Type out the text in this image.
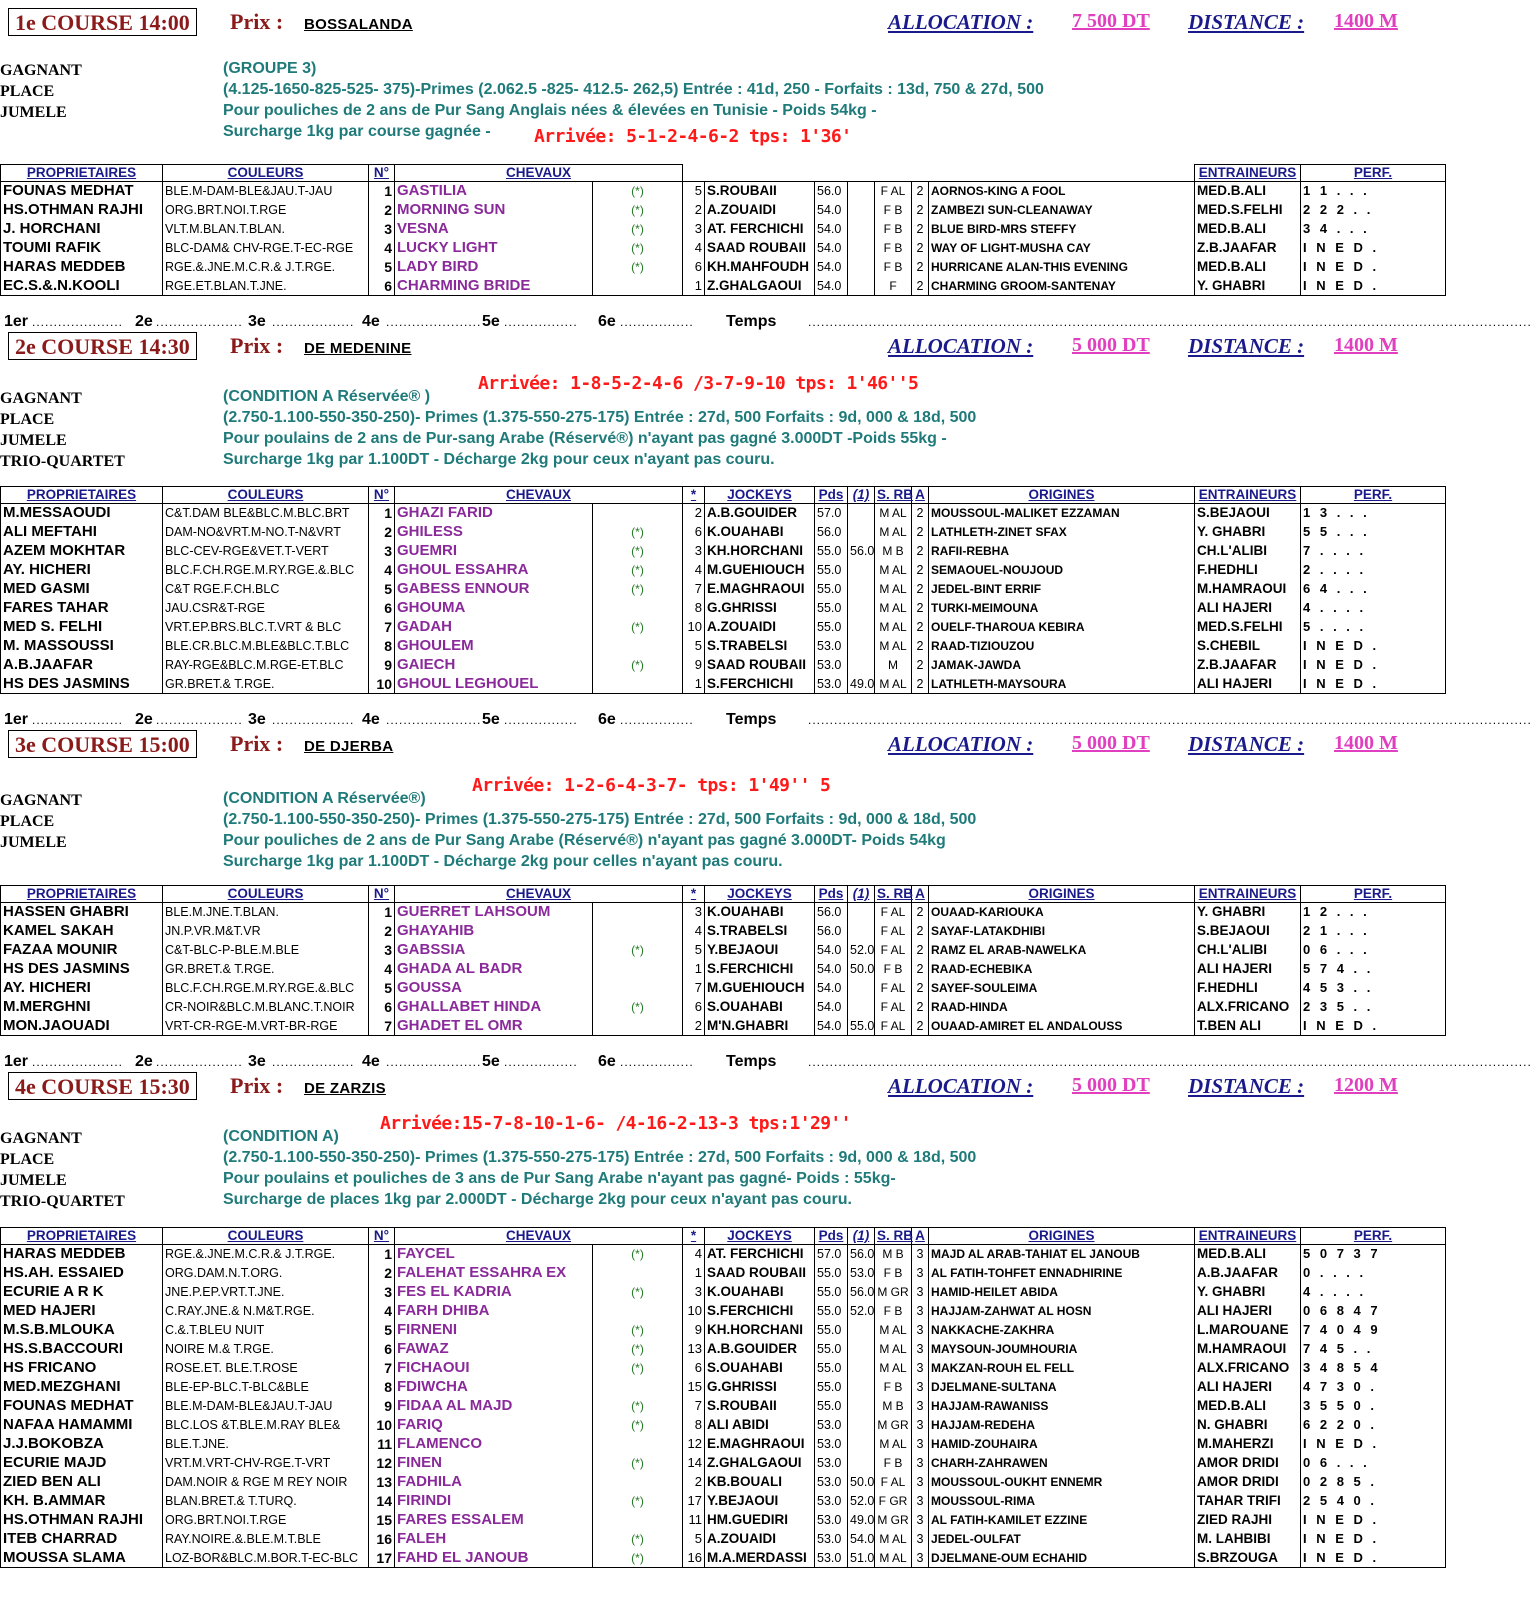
1e COURSE 14:00	Prix : BOSSALANDA	ALLOCATION : 7 500 DT DISTANCE : 1400 M
GAGNANT
PLACE
JUMELE
(GROUPE 3)
(4.125-1650-825-525- 375)-Primes (2.062.5 -825- 412.5- 262,5) Entrée : 41d, 250 - Forfaits : 13d, 750 & 27d, 500
Pour pouliches de 2 ans de Pur Sang Anglais nées & élevées en Tunisie - Poids 54kg -
Surcharge 1kg par course gagnée -	Arrivée: 5-1-2-4-6-2 tps: 1'36'
PROPRIETAIRES	COULEURS	N°	CHEVAUX									ENTRAINEURS	PERF.
FOUNAS MEDHAT	BLE.M-DAM-BLE&JAU.T-JAU	1	GASTILIA	(*)	5	S.ROUBAII	56.0		F AL	2	AORNOS-KING A FOOL	MED.B.ALI	1 1 . . .
HS.OTHMAN RAJHI	ORG.BRT.NOI.T.RGE	2	MORNING SUN	(*)	2	A.ZOUAIDI	54.0		F B	2	ZAMBEZI SUN-CLEANAWAY	MED.S.FELHI	2 2 2 . .
J. HORCHANI	VLT.M.BLAN.T.BLAN.	3	VESNA	(*)	3	AT. FERCHICHI	54.0		F B	2	BLUE BIRD-MRS STEFFY	MED.B.ALI	3 4 . . .
TOUMI RAFIK	BLC-DAM& CHV-RGE.T-EC-RGE	4	LUCKY LIGHT	(*)	4	SAAD ROUBAII	54.0		F B	2	WAY OF LIGHT-MUSHA CAY	Z.B.JAAFAR	I N E D .
HARAS MEDDEB	RGE.&.JNE.M.C.R.& J.T.RGE.	5	LADY BIRD	(*)	6	KH.MAHFOUDH	54.0		F B	2	HURRICANE ALAN-THIS EVENING	MED.B.ALI	I N E D .
EC.S.&.N.KOOLI	RGE.ET.BLAN.T.JNE.	6	CHARMING BRIDE		1	Z.GHALGAOUI	54.0		F	2	CHARMING GROOM-SANTENAY	Y. GHABRI	I N E D .
1er	2e	3e	4e	5e	6e	Temps
.....................	.................... ...................	...................... .................	.................	.......................................................................................................................................................................
2e COURSE 14:30	Prix : DE MEDENINE	ALLOCATION : 5 000 DT DISTANCE : 1400 M
GAGNANT
PLACE
JUMELE
TRIO-QUARTET
(CONDITION A Réservée® )
(2.750-1.100-550-350-250)- Primes (1.375-550-275-175) Entrée : 27d, 500 Forfaits : 9d, 000 & 18d, 500
Pour poulains de 2 ans de Pur-sang Arabe (Réservé®) n'ayant pas gagné 3.000DT -Poids 55kg -
Surcharge 1kg par 1.100DT - Décharge 2kg pour ceux n'ayant pas couru.
Arrivée: 1-8-5-2-4-6 /3-7-9-10 tps: 1'46''5
PROPRIETAIRES	COULEURS	N°	CHEVAUX		*	JOCKEYS	Pds	(1)	S. RB	A	ORIGINES	ENTRAINEURS	PERF.
M.MESSAOUDI	C&T.DAM BLE&BLC.M.BLC.BRT	1	GHAZI FARID		2	A.B.GOUIDER	57.0		M AL	2	MOUSSOUL-MALIKET EZZAMAN	S.BEJAOUI	1 3 . . .
ALI MEFTAHI	DAM-NO&VRT.M-NO.T-N&VRT	2	GHILESS	(*)	6	K.OUAHABI	56.0		M AL	2	LATHLETH-ZINET SFAX	Y. GHABRI	5 5 . . .
AZEM MOKHTAR	BLC-CEV-RGE&VET.T-VERT	3	GUEMRI	(*)	3	KH.HORCHANI	55.0	56.0	M B	2	RAFII-REBHA	CH.L'ALIBI	7 . . . .
AY. HICHERI	BLC.F.CH.RGE.M.RY.RGE.&.BLC	4	GHOUL ESSAHRA	(*)	4	M.GUEHIOUCH	55.0		M AL	2	SEMAOUEL-NOUJOUD	F.HEDHLI	2 . . . .
MED GASMI	C&T RGE.F.CH.BLC	5	GABESS ENNOUR	(*)	7	E.MAGHRAOUI	55.0		M AL	2	JEDEL-BINT ERRIF	M.HAMRAOUI	6 4 . . .
FARES TAHAR	JAU.CSR&T-RGE	6	GHOUMA		8	G.GHRISSI	55.0		M AL	2	TURKI-MEIMOUNA	ALI HAJERI	4 . . . .
MED S. FELHI	VRT.EP.BRS.BLC.T.VRT & BLC	7	GADAH	(*)	10	A.ZOUAIDI	55.0		M AL	2	OUELF-THAROUA KEBIRA	MED.S.FELHI	5 . . . .
M. MASSOUSSI	BLE.CR.BLC.M.BLE&BLC.T.BLC	8	GHOULEM		5	S.TRABELSI	53.0		M AL	2	RAAD-TIZIOUZOU	S.CHEBIL	I N E D .
A.B.JAAFAR	RAY-RGE&BLC.M.RGE-ET.BLC	9	GAIECH	(*)	9	SAAD ROUBAII	53.0		M	2	JAMAK-JAWDA	Z.B.JAAFAR	I N E D .
HS DES JASMINS	GR.BRET.& T.RGE.	10	GHOUL LEGHOUEL		1	S.FERCHICHI	53.0	49.0	M AL	2	LATHLETH-MAYSOURA	ALI HAJERI	I N E D .
1er	2e	3e	4e	5e	6e	Temps
.....................	.................... ...................	...................... .................	.................	.......................................................................................................................................................................
3e COURSE 15:00	Prix : DE DJERBA	ALLOCATION : 5 000 DT DISTANCE : 1400 M
GAGNANT
PLACE
JUMELE
(CONDITION A Réservée®)
(2.750-1.100-550-350-250)- Primes (1.375-550-275-175) Entrée : 27d, 500 Forfaits : 9d, 000 & 18d, 500
Pour pouliches de 2 ans de Pur Sang Arabe (Réservé®) n'ayant pas gagné 3.000DT- Poids 54kg
Surcharge 1kg par 1.100DT - Décharge 2kg pour celles n'ayant pas couru.
Arrivée: 1-2-6-4-3-7- tps: 1'49'' 5
PROPRIETAIRES	COULEURS	N°	CHEVAUX		*	JOCKEYS	Pds	(1)	S. RB	A	ORIGINES	ENTRAINEURS	PERF.
HASSEN GHABRI	BLE.M.JNE.T.BLAN.	1	GUERRET LAHSOUM		3	K.OUAHABI	56.0		F AL	2	OUAAD-KARIOUKA	Y. GHABRI	1 2 . . .
KAMEL SAKAH	JN.P.VR.M&T.VR	2	GHAYAHIB		4	S.TRABELSI	56.0		F AL	2	SAYAF-LATAKDHIBI	S.BEJAOUI	2 1 . . .
FAZAA MOUNIR	C&T-BLC-P-BLE.M.BLE	3	GABSSIA	(*)	5	Y.BEJAOUI	54.0	52.0	F AL	2	RAMZ EL ARAB-NAWELKA	CH.L'ALIBI	0 6 . . .
HS DES JASMINS	GR.BRET.& T.RGE.	4	GHADA AL BADR		1	S.FERCHICHI	54.0	50.0	F B	2	RAAD-ECHEBIKA	ALI HAJERI	5 7 4 . .
AY. HICHERI	BLC.F.CH.RGE.M.RY.RGE.&.BLC	5	GOUSSA		7	M.GUEHIOUCH	54.0		F AL	2	SAYEF-SOULEIMA	F.HEDHLI	4 5 3 . .
M.MERGHNI	CR-NOIR&BLC.M.BLANC.T.NOIR	6	GHALLABET HINDA	(*)	6	S.OUAHABI	54.0		F AL	2	RAAD-HINDA	ALX.FRICANO	2 3 5 . .
MON.JAOUADI	VRT-CR-RGE-M.VRT-BR-RGE	7	GHADET EL OMR		2	M'N.GHABRI	54.0	55.0	F AL	2	OUAAD-AMIRET EL ANDALOUSS	T.BEN ALI	I N E D .
1er	2e	3e	4e	5e	6e	Temps
.....................	.................... ...................	...................... .................	.................	.......................................................................................................................................................................
4e COURSE 15:30	Prix : DE ZARZIS	ALLOCATION : 5 000 DT DISTANCE : 1200 M
GAGNANT
PLACE
JUMELE
TRIO-QUARTET
(CONDITION A)
(2.750-1.100-550-350-250)- Primes (1.375-550-275-175) Entrée : 27d, 500 Forfaits : 9d, 000 & 18d, 500
Pour poulains et pouliches de 3 ans de Pur Sang Arabe n'ayant pas gagné- Poids : 55kg-
Surcharge de places 1kg par 2.000DT - Décharge 2kg pour ceux n'ayant pas couru.
Arrivée:15-7-8-10-1-6- /4-16-2-13-3 tps:1'29''
PROPRIETAIRES	COULEURS	N°	CHEVAUX		*	JOCKEYS	Pds	(1)	S. RB	A	ORIGINES	ENTRAINEURS	PERF.
HARAS MEDDEB	RGE.&.JNE.M.C.R.& J.T.RGE.	1	FAYCEL	(*)	4	AT. FERCHICHI	57.0	56.0	M B	3	MAJD AL ARAB-TAHIAT EL JANOUB	MED.B.ALI	5 0 7 3 7
HS.AH. ESSAIED	ORG.DAM.N.T.ORG.	2	FALEHAT ESSAHRA EX		1	SAAD ROUBAII	55.0	53.0	F B	3	AL FATIH-TOHFET ENNADHIRINE	A.B.JAAFAR	0 . . . .
ECURIE A R K	JNE.P.EP.VRT.T.JNE.	3	FES EL KADRIA	(*)	3	K.OUAHABI	55.0	56.0	M GR	3	HAMID-HEILET ABIDA	Y. GHABRI	4 . . . .
MED HAJERI	C.RAY.JNE.& N.M&T.RGE.	4	FARH DHIBA		10	S.FERCHICHI	55.0	52.0	F B	3	HAJJAM-ZAHWAT AL HOSN	ALI HAJERI	0 6 8 4 7
M.S.B.MLOUKA	C.&.T.BLEU NUIT	5	FIRNENI	(*)	9	KH.HORCHANI	55.0		M AL	3	NAKKACHE-ZAKHRA	L.MAROUANE	7 4 0 4 9
HS.S.BACCOURI	NOIRE M.& T.RGE.	6	FAWAZ	(*)	13	A.B.GOUIDER	55.0		M AL	3	MAYSOUN-JOUMHOURIA	M.HAMRAOUI	7 4 5 . .
HS FRICANO	ROSE.ET. BLE.T.ROSE	7	FICHAOUI	(*)	6	S.OUAHABI	55.0		M AL	3	MAKZAN-ROUH EL FELL	ALX.FRICANO	3 4 8 5 4
MED.MEZGHANI	BLE-EP-BLC.T-BLC&BLE	8	FDIWCHA		15	G.GHRISSI	55.0		F B	3	DJELMANE-SULTANA	ALI HAJERI	4 7 3 0 .
FOUNAS MEDHAT	BLE.M-DAM-BLE&JAU.T-JAU	9	FIDAA AL MAJD	(*)	7	S.ROUBAII	55.0		M B	3	HAJJAM-RAWANISS	MED.B.ALI	3 5 5 0 .
NAFAA HAMAMMI	BLC.LOS &T.BLE.M.RAY BLE&	10	FARIQ	(*)	8	ALI ABIDI	53.0		M GR	3	HAJJAM-REDEHA	N. GHABRI	6 2 2 0 .
J.J.BOKOBZA	BLE.T.JNE.	11	FLAMENCO		12	E.MAGHRAOUI	53.0		M AL	3	HAMID-ZOUHAIRA	M.MAHERZI	I N E D .
ECURIE MAJD	VRT.M.VRT-CHV-RGE.T-VRT	12	FINEN	(*)	14	Z.GHALGAOUI	53.0		F B	3	CHARH-ZAHRAWEN	AMOR DRIDI	0 6 . . .
ZIED BEN ALI	DAM.NOIR & RGE M REY NOIR	13	FADHILA		2	KB.BOUALI	53.0	50.0	F AL	3	MOUSSOUL-OUKHT ENNEMR	AMOR DRIDI	0 2 8 5 .
KH. B.AMMAR	BLAN.BRET.& T.TURQ.	14	FIRINDI	(*)	17	Y.BEJAOUI	53.0	52.0	F GR	3	MOUSSOUL-RIMA	TAHAR TRIFI	2 5 4 0 .
HS.OTHMAN RAJHI	ORG.BRT.NOI.T.RGE	15	FARES ESSALEM		11	HM.GUEDIRI	53.0	49.0	M GR	3	AL FATIH-KAMILET EZZINE	ZIED RAJHI	I N E D .
ITEB CHARRAD	RAY.NOIRE.&.BLE.M.T.BLE	16	FALEH	(*)	5	A.ZOUAIDI	53.0	54.0	M AL	3	JEDEL-OULFAT	M. LAHBIBI	I N E D .
MOUSSA SLAMA	LOZ-BOR&BLC.M.BOR.T-EC-BLC	17	FAHD EL JANOUB	(*)	16	M.A.MERDASSI	53.0	51.0	M AL	3	DJELMANE-OUM ECHAHID	S.BRZOUGA	I N E D .
